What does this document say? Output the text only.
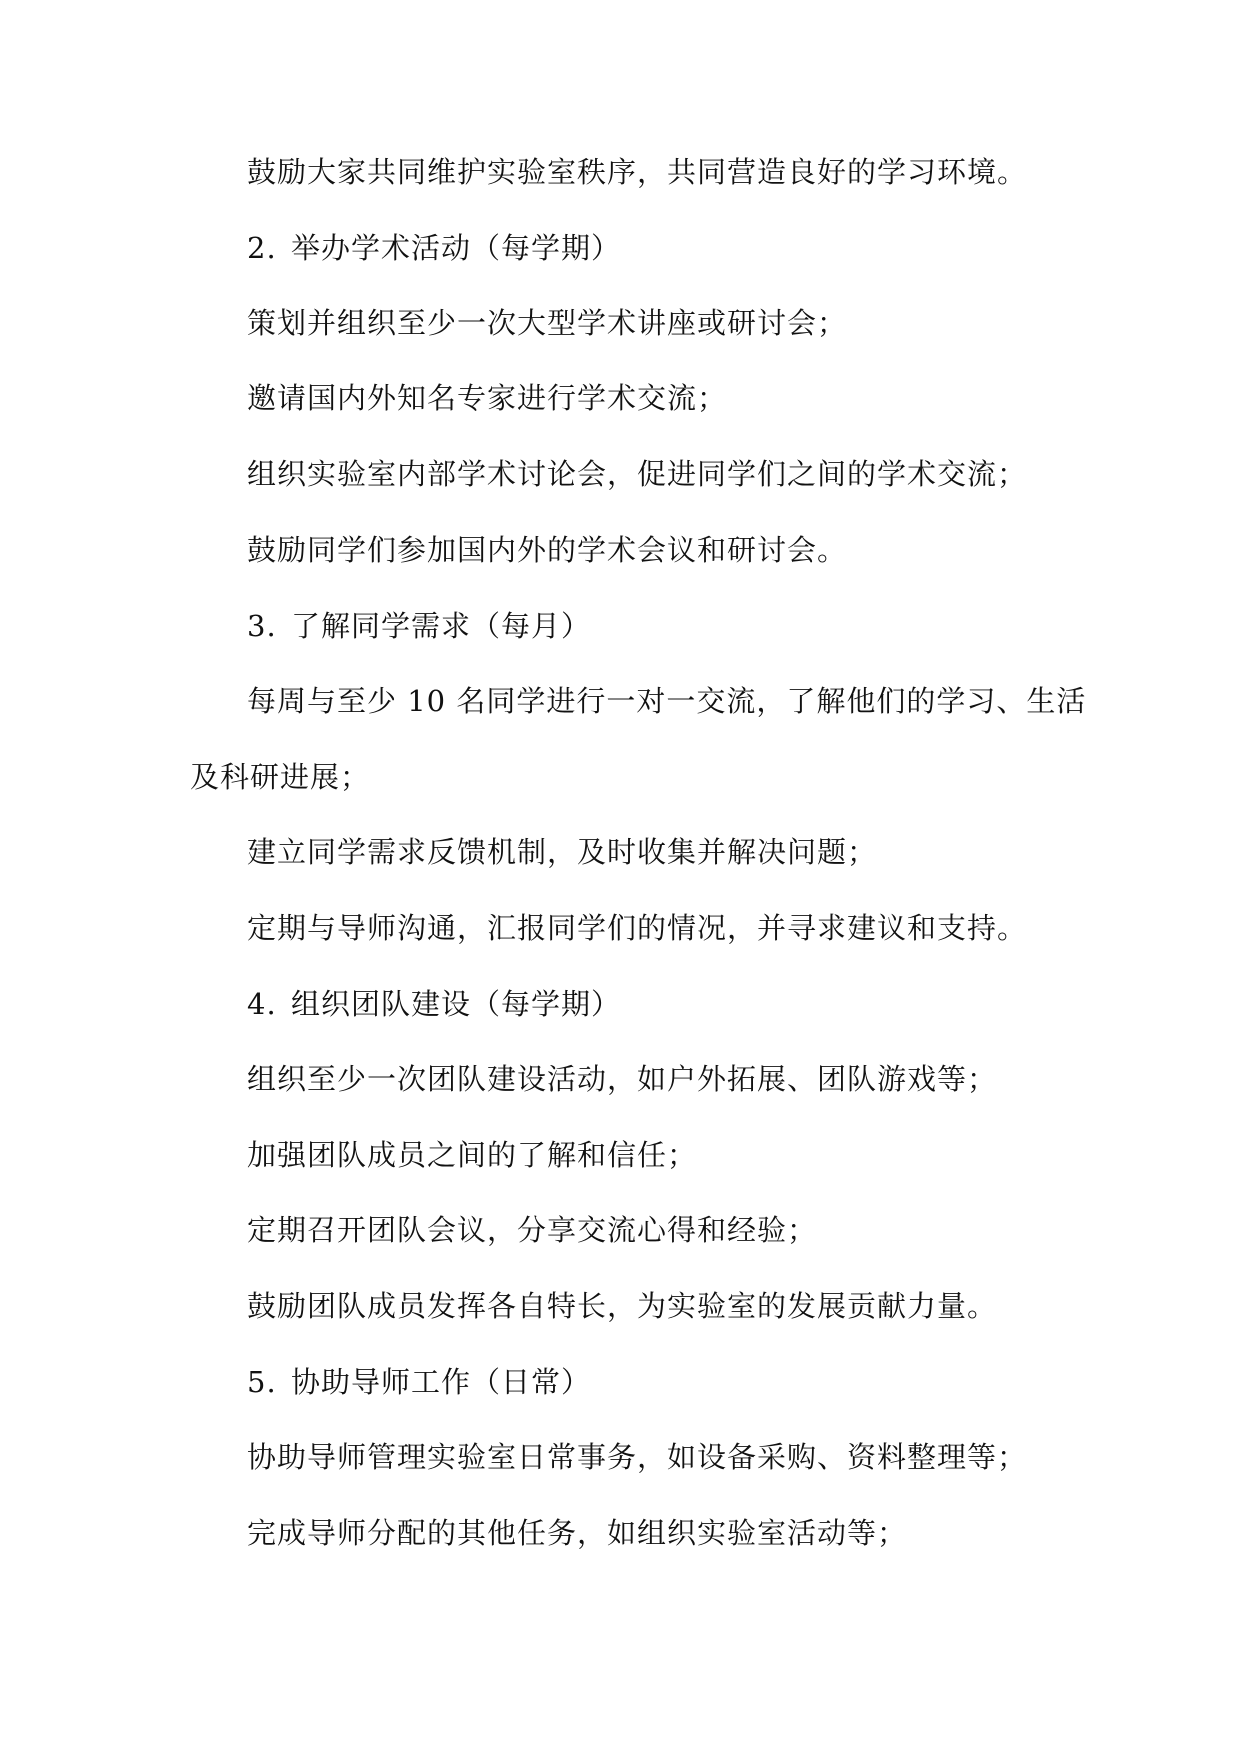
鼓励大家共同维护实验室秩序，共同营造良好的学习环境。
2. 举办学术活动（每学期）
策划并组织至少一次大型学术讲座或研讨会；
邀请国内外知名专家进行学术交流；
组织实验室内部学术讨论会，促进同学们之间的学术交流；
鼓励同学们参加国内外的学术会议和研讨会。
3. 了解同学需求（每月）
每周与至少 10 名同学进行一对一交流，了解他们的学习、生活
及科研进展；
建立同学需求反馈机制，及时收集并解决问题；
定期与导师沟通，汇报同学们的情况，并寻求建议和支持。
4. 组织团队建设（每学期）
组织至少一次团队建设活动，如户外拓展、团队游戏等；
加强团队成员之间的了解和信任；
定期召开团队会议，分享交流心得和经验；
鼓励团队成员发挥各自特长，为实验室的发展贡献力量。
5. 协助导师工作（日常）
协助导师管理实验室日常事务，如设备采购、资料整理等；
完成导师分配的其他任务，如组织实验室活动等；
